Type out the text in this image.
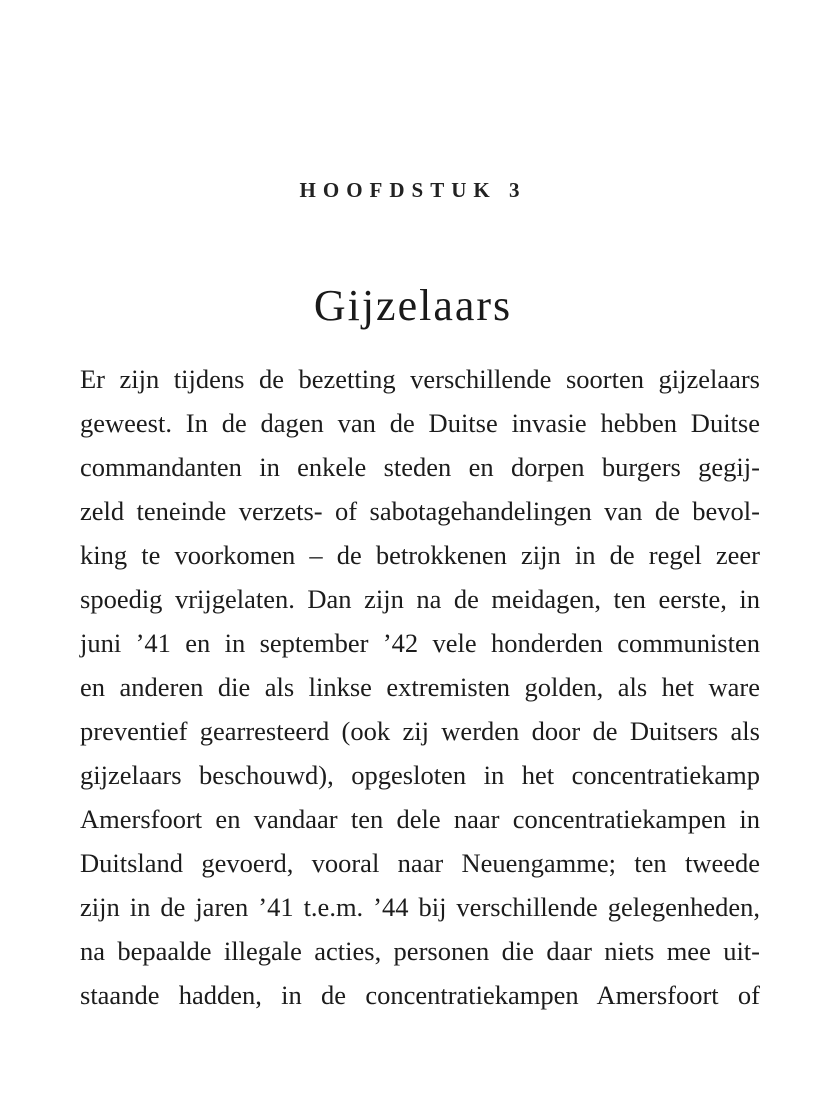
HOOFDSTUK 3
Gijzelaars
Er zijn tijdens de bezetting verschillende soorten gijzelaars
geweest. In de dagen van de Duitse invasie hebben Duitse
commandanten in enkele steden en dorpen burgers gegij-
zeld teneinde verzets- of sabotagehandelingen van de bevol-
king te voorkomen – de betrokkenen zijn in de regel zeer
spoedig vrijgelaten. Dan zijn na de meidagen, ten eerste, in
juni ’41 en in september ’42 vele honderden communisten
en anderen die als linkse extremisten golden, als het ware
preventief gearresteerd (ook zij werden door de Duitsers als
gijzelaars beschouwd), opgesloten in het concentratiekamp
Amersfoort en vandaar ten dele naar concentratiekampen in
Duitsland gevoerd, vooral naar Neuengamme; ten tweede
zijn in de jaren ’41 t.e.m. ’44 bij verschillende gelegenheden,
na bepaalde illegale acties, personen die daar niets mee uit-
staande hadden, in de concentratiekampen Amersfoort of
